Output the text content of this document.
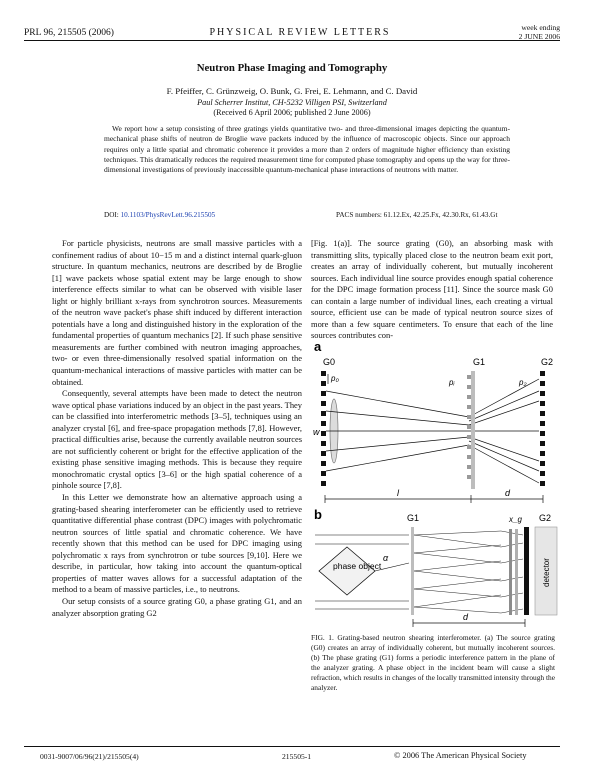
PRL 96, 215505 (2006)	PHYSICAL REVIEW LETTERS	week ending
2 JUNE 2006
Neutron Phase Imaging and Tomography
F. Pfeiffer, C. Grünzweig, O. Bunk, G. Frei, E. Lehmann, and C. David
Paul Scherrer Institut, CH-5232 Villigen PSI, Switzerland
(Received 6 April 2006; published 2 June 2006)
We report how a setup consisting of three gratings yields quantitative two- and three-dimensional images depicting the quantum-mechanical phase shifts of neutron de Broglie wave packets induced by the influence of macroscopic objects. Since our approach requires only a little spatial and chromatic coherence it provides a more than 2 orders of magnitude higher efficiency than existing techniques. This dramatically reduces the required measurement time for computed phase tomography and opens up the way for three-dimensional investigations of previously inaccessible quantum-mechanical phase interactions of neutrons with matter.
DOI: 10.1103/PhysRevLett.96.215505	PACS numbers: 61.12.Ex, 42.25.Fx, 42.30.Rx, 61.43.Gt

For particle physicists, neutrons are small massive particles with a confinement radius of about 10−15 m and a distinct internal quark-gluon structure. In quantum mechanics, neutrons are described by de Broglie [1] wave packets whose spatial extent may be large enough to show interference effects similar to what can be observed with visible laser light or highly brilliant x-rays from synchrotron sources. Measurements of the neutron wave packet's phase shift induced by different interaction potentials have a long and distinguished history in the exploration of the fundamental properties of quantum mechanics [2]. If such phase sensitive measurements are further combined with neutron imaging approaches, two- or even three-dimensionally resolved spatial information on the quantum-mechanical interactions of massive particles with matter can be obtained.

Consequently, several attempts have been made to detect the neutron wave optical phase variations induced by an object in the past years. They can be classified into interferometric methods [3–5], techniques using an analyzer crystal [6], and free-space propagation methods [7,8]. However, practical difficulties arise, because the currently available neutron sources are not sufficiently coherent or bright for the effective application of the existing phase sensitive imaging methods. This is because they require monochromatic crystal optics [3–6] or the high spatial coherence of a pinhole source [7,8].

In this Letter we demonstrate how an alternative approach using a grating-based shearing interferometer can be efficiently used to retrieve quantitative differential phase contrast (DPC) images with polychromatic neutron sources of little spatial and chromatic coherence. We have recently shown that this method can be used for DPC imaging using polychromatic x rays from synchrotron or tube sources [9,10]. Here we describe, in particular, how taking into account the quantum-optical properties of matter waves allows for a successful adaptation of the method to a beam of massive particles, i.e., to neutrons.

Our setup consists of a source grating G0, a phase grating G1, and an analyzer absorption grating G2

[Fig. 1(a)]. The source grating (G0), an absorbing mask with transmitting slits, typically placed close to the neutron beam exit port, creates an array of individually coherent, but mutually incoherent sources. Each individual line source provides enough spatial coherence for the DPC image formation process [11]. Since the source mask G0 can contain a large number of individual lines, each creating a virtual source, efficient use can be made of typical neutron source sizes of more than a few square centimeters. To ensure that each of the line sources contributes con-

a
G0	G1	G2
p₀
w
pᵢ	p₂
l	d
b	G1	G2
x_g
phase object
α
detector
d
FIG. 1. Grating-based neutron shearing interferometer. (a) The source grating (G0) creates an array of individually coherent, but mutually incoherent sources. (b) The phase grating (G1) forms a periodic interference pattern in the plane of the analyzer grating. A phase object in the incident beam will cause a slight refraction, which results in changes of the locally transmitted intensity through the analyzer.
0031-9007/06/96(21)/215505(4)	215505-1	© 2006 The American Physical Society
